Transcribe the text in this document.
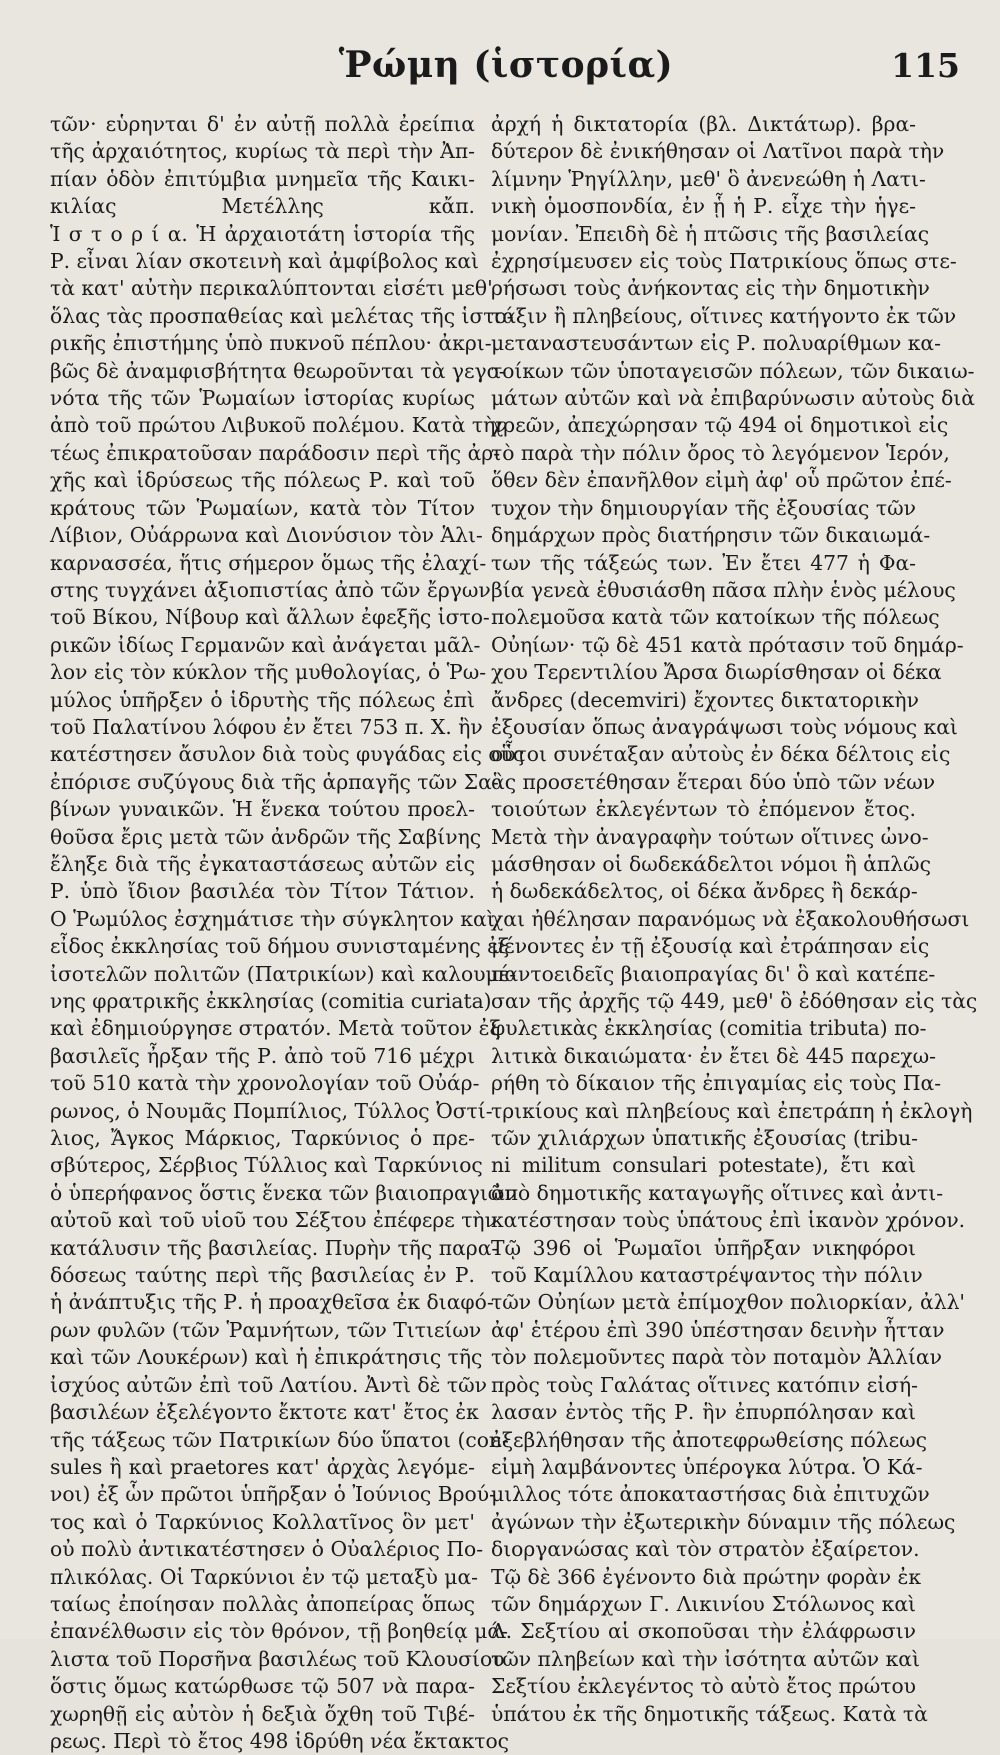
Ῥώμη (ἱστορία)	115
τῶν· εὑρηνται δ' ἐν αὐτῇ πολλὰ ἐρείπια
τῆς ἀρχαιότητος, κυρίως τὰ περὶ τὴν Ἀπ-
πίαν ὁδὸν ἐπιτύμβια μνημεῖα τῆς Καικι-
κιλίας Μετέλλης κἄπ.
Ἱ σ τ ο ρ ί α. Ἡ ἀρχαιοτάτη ἱστορία τῆς
Ρ. εἶναι λίαν σκοτεινὴ καὶ ἀμφίβολος καὶ
τὰ κατ' αὐτὴν περικαλύπτονται εἰσέτι μεθ'
ὅλας τὰς προσπαθείας καὶ μελέτας τῆς ἱστο-
ρικῆς ἐπιστήμης ὑπὸ πυκνοῦ πέπλου· ἀκρι-
βῶς δὲ ἀναμφισβήτητα θεωροῦνται τὰ γεγο-
νότα τῆς τῶν Ῥωμαίων ἱστορίας κυρίως
ἀπὸ τοῦ πρώτου Λιβυκοῦ πολέμου. Κατὰ τὴν
τέως ἐπικρατοῦσαν παράδοσιν περὶ τῆς ἀρ-
χῆς καὶ ἱδρύσεως τῆς πόλεως Ρ. καὶ τοῦ
κράτους τῶν Ῥωμαίων, κατὰ τὸν Τίτον
Λίβιον, Οὐάρρωνα καὶ Διονύσιον τὸν Ἁλι-
καρνασσέα, ἥτις σήμερον ὅμως τῆς ἐλαχί-
στης τυγχάνει ἀξιοπιστίας ἀπὸ τῶν ἔργων
τοῦ Βίκου, Νίβουρ καὶ ἄλλων ἐφεξῆς ἱστο-
ρικῶν ἰδίως Γερμανῶν καὶ ἀνάγεται μᾶλ-
λον εἰς τὸν κύκλον τῆς μυθολογίας, ὁ Ῥω-
μύλος ὑπῆρξεν ὁ ἱδρυτὴς τῆς πόλεως ἐπὶ
τοῦ Παλατίνου λόφου ἐν ἔτει 753 π. Χ. ἣν
κατέστησεν ἄσυλον διὰ τοὺς φυγάδας εἰς οὓς
ἐπόρισε συζύγους διὰ τῆς ἁρπαγῆς τῶν Σα-
βίνων γυναικῶν. Ἡ ἕνεκα τούτου προελ-
θοῦσα ἔρις μετὰ τῶν ἀνδρῶν τῆς Σαβίνης
ἔληξε διὰ τῆς ἐγκαταστάσεως αὐτῶν εἰς
Ρ. ὑπὸ ἴδιον βασιλέα τὸν Τίτον Τάτιον.
Ο Ῥωμύλος ἐσχημάτισε τὴν σύγκλητον καὶ
εἶδος ἐκκλησίας τοῦ δήμου συνισταμένης ἐξ
ἰσοτελῶν πολιτῶν (Πατρικίων) καὶ καλουμέ-
νης φρατρικῆς ἐκκλησίας (comitia curiata)
καὶ ἐδημιούργησε στρατόν. Μετὰ τοῦτον ἐξ
βασιλεῖς ἦρξαν τῆς Ρ. ἀπὸ τοῦ 716 μέχρι
τοῦ 510 κατὰ τὴν χρονολογίαν τοῦ Οὐάρ-
ρωνος, ὁ Νουμᾶς Πομπίλιος, Τύλλος Ὀστί-
λιος, Ἄγκος Μάρκιος, Ταρκύνιος ὁ πρε-
σβύτερος, Σέρβιος Τύλλιος καὶ Ταρκύνιος
ὁ ὑπερήφανος ὅστις ἕνεκα τῶν βιαιοπραγιῶν
αὐτοῦ καὶ τοῦ υἱοῦ του Σέξτου ἐπέφερε τὴν
κατάλυσιν τῆς βασιλείας. Πυρὴν τῆς παρα-
δόσεως ταύτης περὶ τῆς βασιλείας ἐν Ρ.
ἡ ἀνάπτυξις τῆς Ρ. ἡ προαχθεῖσα ἐκ διαφό-
ρων φυλῶν (τῶν Ῥαμνήτων, τῶν Τιτιείων
καὶ τῶν Λουκέρων) καὶ ἡ ἐπικράτησις τῆς
ἰσχύος αὐτῶν ἐπὶ τοῦ Λατίου. Ἀντὶ δὲ τῶν
βασιλέων ἐξελέγοντο ἔκτοτε κατ' ἔτος ἐκ
τῆς τάξεως τῶν Πατρικίων δύο ὕπατοι (con-
sules ἢ καὶ praetores κατ' ἀρχὰς λεγόμε-
νοι) ἐξ ὧν πρῶτοι ὑπῆρξαν ὁ Ἰούνιος Βρού-
τος καὶ ὁ Ταρκύνιος Κολλατῖνος ὃν μετ'
οὐ πολὺ ἀντικατέστησεν ὁ Οὐαλέριος Πο-
πλικόλας. Οἱ Ταρκύνιοι ἐν τῷ μεταξὺ μα-
ταίως ἐποίησαν πολλὰς ἀποπείρας ὅπως
ἐπανέλθωσιν εἰς τὸν θρόνον, τῇ βοηθείᾳ μά-
λιστα τοῦ Πορσῆνα βασιλέως τοῦ Κλουσίου
ὅστις ὅμως κατώρθωσε τῷ 507 νὰ παρα-
χωρηθῇ εἰς αὐτὸν ἡ δεξιὰ ὄχθη τοῦ Τιβέ-
ρεως. Περὶ τὸ ἔτος 498 ἱδρύθη νέα ἔκτακτος
ἀρχή ἡ δικτατορία (βλ. Δικτάτωρ). βρα-
δύτερον δὲ ἐνικήθησαν οἱ Λατῖνοι παρὰ τὴν
λίμνην Ῥηγίλλην, μεθ' ὃ ἀνενεώθη ἡ Λατι-
νικὴ ὁμοσπονδία, ἐν ᾗ ἡ Ρ. εἶχε τὴν ἡγε-
μονίαν. Ἐπειδὴ δὲ ἡ πτῶσις τῆς βασιλείας
ἐχρησίμευσεν εἰς τοὺς Πατρικίους ὅπως στε-
ρήσωσι τοὺς ἀνήκοντας εἰς τὴν δημοτικὴν
τάξιν ἢ πληβείους, οἵτινες κατήγοντο ἐκ τῶν
μεταναστευσάντων εἰς Ρ. πολυαρίθμων κα-
τοίκων τῶν ὑποταγεισῶν πόλεων, τῶν δικαιω-
μάτων αὐτῶν καὶ νὰ ἐπιβαρύνωσιν αὐτοὺς διὰ
χρεῶν, ἀπεχώρησαν τῷ 494 οἱ δημοτικοὶ εἰς
τὸ παρὰ τὴν πόλιν ὄρος τὸ λεγόμενον Ἱερόν,
ὅθεν δὲν ἐπανῆλθον εἰμὴ ἀφ' οὗ πρῶτον ἐπέ-
τυχον τὴν δημιουργίαν τῆς ἐξουσίας τῶν
δημάρχων πρὸς διατήρησιν τῶν δικαιωμά-
των τῆς τάξεώς των. Ἐν ἔτει 477 ἡ Φα-
βία γενεὰ ἐθυσιάσθη πᾶσα πλὴν ἑνὸς μέλους
πολεμοῦσα κατὰ τῶν κατοίκων τῆς πόλεως
Οὐηίων· τῷ δὲ 451 κατὰ πρότασιν τοῦ δημάρ-
χου Τερεντιλίου Ἄρσα διωρίσθησαν οἱ δέκα
ἄνδρες (decemviri) ἔχοντες δικτατορικὴν
ἐξουσίαν ὅπως ἀναγράψωσι τοὺς νόμους καὶ
οὗτοι συνέταξαν αὐτοὺς ἐν δέκα δέλτοις εἰς
ἃς προσετέθησαν ἕτεραι δύο ὑπὸ τῶν νέων
τοιούτων ἐκλεγέντων τὸ ἐπόμενον ἔτος.
Μετὰ τὴν ἀναγραφὴν τούτων οἵτινες ὠνο-
μάσθησαν οἱ δωδεκάδελτοι νόμοι ἢ ἁπλῶς
ἡ δωδεκάδελτος, οἱ δέκα ἄνδρες ἢ δεκάρ-
χαι ἠθέλησαν παρανόμως νὰ ἐξακολουθήσωσι
μένοντες ἐν τῇ ἐξουσίᾳ καὶ ἐτράπησαν εἰς
παντοειδεῖς βιαιοπραγίας δι' ὃ καὶ κατέπε-
σαν τῆς ἀρχῆς τῷ 449, μεθ' ὃ ἐδόθησαν εἰς τὰς
φυλετικὰς ἐκκλησίας (comitia tributa) πο-
λιτικὰ δικαιώματα· ἐν ἔτει δὲ 445 παρεχω-
ρήθη τὸ δίκαιον τῆς ἐπιγαμίας εἰς τοὺς Πα-
τρικίους καὶ πληβείους καὶ ἐπετράπη ἡ ἐκλογὴ
τῶν χιλιάρχων ὑπατικῆς ἐξουσίας (tribu-
ni militum consulari potestate), ἔτι καὶ
ἀπὸ δημοτικῆς καταγωγῆς οἵτινες καὶ ἀντι-
κατέστησαν τοὺς ὑπάτους ἐπὶ ἱκανὸν χρόνον.
Τῷ 396 οἱ Ῥωμαῖοι ὑπῆρξαν νικηφόροι
τοῦ Καμίλλου καταστρέψαντος τὴν πόλιν
τῶν Οὐηίων μετὰ ἐπίμοχθον πολιορκίαν, ἀλλ'
ἀφ' ἑτέρου ἐπὶ 390 ὑπέστησαν δεινὴν ἧτταν
τὸν πολεμοῦντες παρὰ τὸν ποταμὸν Ἀλλίαν
πρὸς τοὺς Γαλάτας οἵτινες κατόπιν εἰσή-
λασαν ἐντὸς τῆς Ρ. ἣν ἐπυρπόλησαν καὶ
ἐξεβλήθησαν τῆς ἀποτεφρωθείσης πόλεως
εἰμὴ λαμβάνοντες ὑπέρογκα λύτρα. Ὁ Κά-
μιλλος τότε ἀποκαταστήσας διὰ ἐπιτυχῶν
ἀγώνων τὴν ἐξωτερικὴν δύναμιν τῆς πόλεως
διοργανώσας καὶ τὸν στρατὸν ἐξαίρετον.
Τῷ δὲ 366 ἐγένοντο διὰ πρώτην φορὰν ἐκ
τῶν δημάρχων Γ. Λικινίου Στόλωνος καὶ
Λ. Σεξτίου αἱ σκοποῦσαι τὴν ἐλάφρωσιν
τῶν πληβείων καὶ τὴν ἰσότητα αὐτῶν καὶ
Σεξτίου ἐκλεγέντος τὸ αὐτὸ ἔτος πρώτου
ὑπάτου ἐκ τῆς δημοτικῆς τάξεως. Κατὰ τὰ
